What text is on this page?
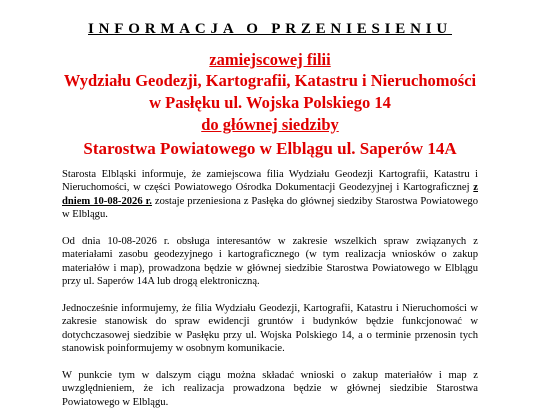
INFORMACJA O PRZENIESIENIU
zamiejscowej filii
Wydziału Geodezji, Kartografii, Katastru i Nieruchomości
w Pasłęku ul. Wojska Polskiego 14
do głównej siedziby
Starostwa Powiatowego w Elblągu ul. Saperów 14A
Starosta Elbląski informuje, że zamiejscowa filia Wydziału Geodezji Kartografii, Katastru i Nieruchomości, w części Powiatowego Ośrodka Dokumentacji Geodezyjnej i Kartograficznej z dniem 10-08-2026 r. zostaje przeniesiona z Pasłęka do głównej siedziby Starostwa Powiatowego w Elblągu.
Od dnia 10-08-2026 r. obsługa interesantów w zakresie wszelkich spraw związanych z materiałami zasobu geodezyjnego i kartograficznego (w tym realizacja wniosków o zakup materiałów i map), prowadzona będzie w głównej siedzibie Starostwa Powiatowego w Elblągu przy ul. Saperów 14A lub drogą elektroniczną.
Jednocześnie informujemy, że filia Wydziału Geodezji, Kartografii, Katastru i Nieruchomości w zakresie stanowisk do spraw ewidencji gruntów i budynków będzie funkcjonować w dotychczasowej siedzibie w Pasłęku przy ul. Wojska Polskiego 14, a o terminie przenosin tych stanowisk poinformujemy w osobnym komunikacie.
W punkcie tym w dalszym ciągu można składać wnioski o zakup materiałów i map z uwzględnieniem, że ich realizacja prowadzona będzie w głównej siedzibie Starostwa Powiatowego w Elblągu.
